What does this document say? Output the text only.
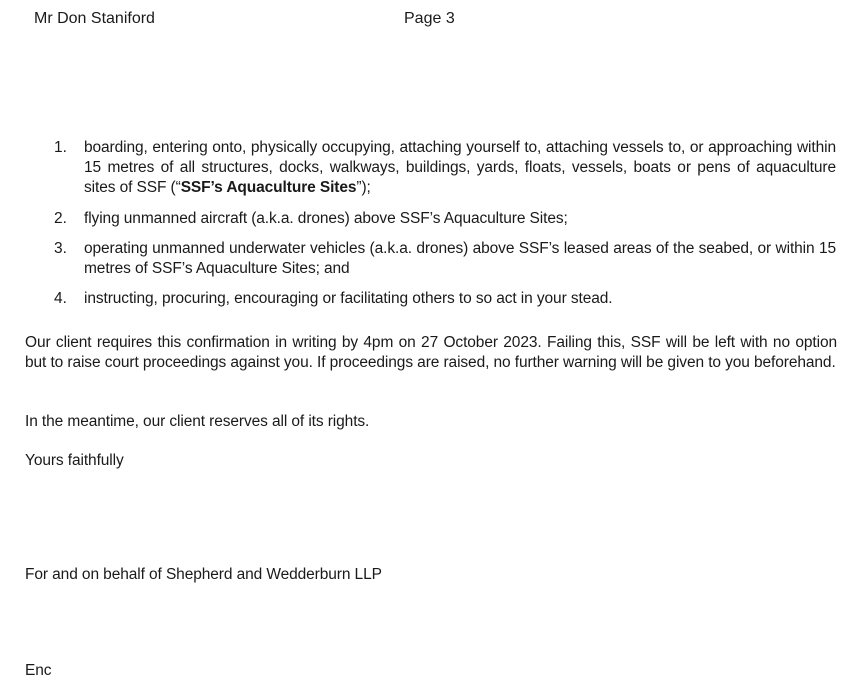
Mr Don Staniford	Page 3
1.	boarding, entering onto, physically occupying, attaching yourself to, attaching vessels to, or approaching within 15 metres of all structures, docks, walkways, buildings, yards, floats, vessels, boats or pens of aquaculture sites of SSF (“SSF’s Aquaculture Sites”);
2.	flying unmanned aircraft (a.k.a. drones) above SSF’s Aquaculture Sites;
3.	operating unmanned underwater vehicles (a.k.a. drones) above SSF’s leased areas of the seabed, or within 15 metres of SSF’s Aquaculture Sites; and
4.	instructing, procuring, encouraging or facilitating others to so act in your stead.
Our client requires this confirmation in writing by 4pm on 27 October 2023. Failing this, SSF will be left with no option but to raise court proceedings against you. If proceedings are raised, no further warning will be given to you beforehand.
In the meantime, our client reserves all of its rights.
Yours faithfully
For and on behalf of Shepherd and Wedderburn LLP
Enc
